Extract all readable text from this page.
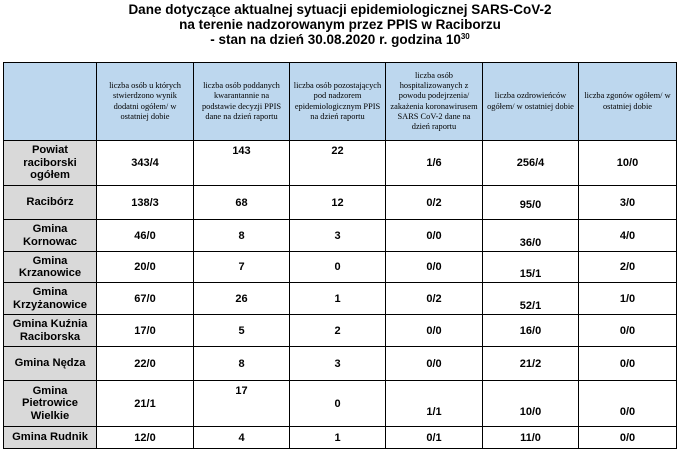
Dane dotyczące aktualnej sytuacji epidemiologicznej SARS-CoV-2
na terenie nadzorowanym przez PPIS w Raciborzu
- stan na dzień 30.08.2020 r. godzina $10^{30}$
	liczba osób u których stwierdzono wynik dodatni ogółem/ w ostatniej dobie	liczba osób poddanych kwarantannie na podstawie decyzji PPIS dane na dzień raportu	liczba osób pozostających pod nadzorem epidemiologicznym PPIS na dzień raportu	liczba osób hospitalizowanych z powodu podejrzenia/ zakażenia koronawirusem SARS CoV-2 dane na dzień raportu	liczba ozdrowieńców ogółem/ w ostatniej dobie	liczba zgonów ogółem/ w ostatniej dobie
Powiat raciborski ogółem	343/4	143	22	1/6	256/4	10/0
Racibórz	138/3	68	12	0/2	95/0	3/0
Gmina Kornowac	46/0	8	3	0/0	36/0	4/0
Gmina Krzanowice	20/0	7	0	0/0	15/1	2/0
Gmina Krzyżanowice	67/0	26	1	0/2	52/1	1/0
Gmina Kuźnia Raciborska	17/0	5	2	0/0	16/0	0/0
Gmina Nędza	22/0	8	3	0/0	21/2	0/0
Gmina Pietrowice Wielkie	21/1	17	0	1/1	10/0	0/0
Gmina Rudnik	12/0	4	1	0/1	11/0	0/0
